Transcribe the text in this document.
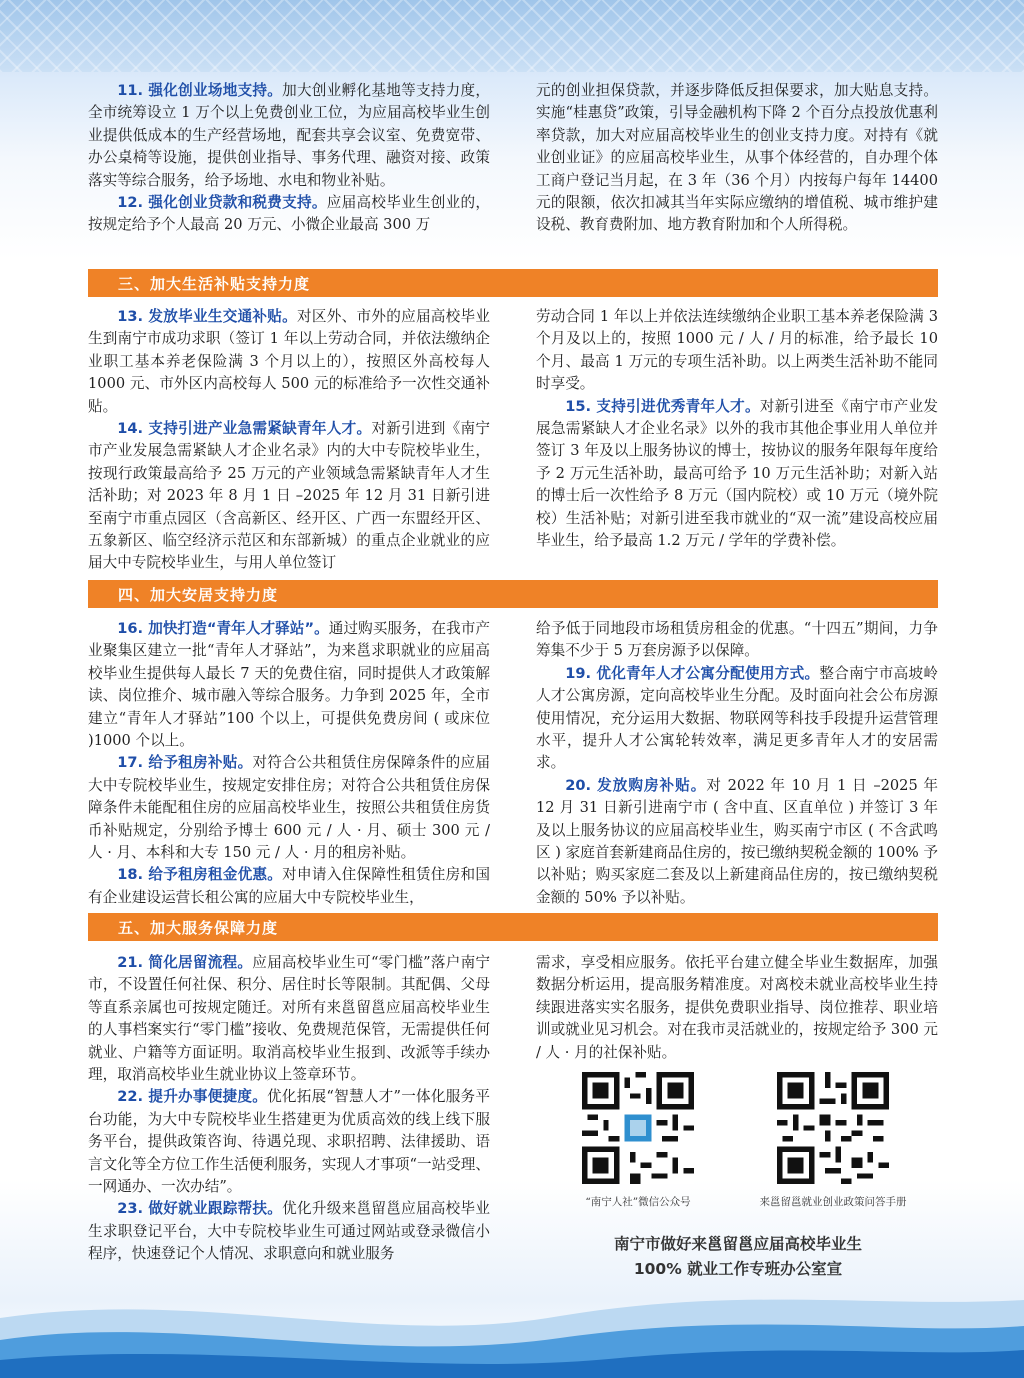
11. 强化创业场地支持。加大创业孵化基地等支持力度，全市统筹设立 1 万个以上免费创业工位，为应届高校毕业生创业提供低成本的生产经营场地，配套共享会议室、免费宽带、办公桌椅等设施，提供创业指导、事务代理、融资对接、政策落实等综合服务，给予场地、水电和物业补贴。

12. 强化创业贷款和税费支持。应届高校毕业生创业的，按规定给予个人最高 20 万元、小微企业最高 300 万

元的创业担保贷款，并逐步降低反担保要求，加大贴息支持。实施“桂惠贷”政策，引导金融机构下降 2 个百分点投放优惠利率贷款，加大对应届高校毕业生的创业支持力度。对持有《就业创业证》的应届高校毕业生，从事个体经营的，自办理个体工商户登记当月起，在 3 年（36 个月）内按每户每年 14400 元的限额，依次扣减其当年实际应缴纳的增值税、城市维护建设税、教育费附加、地方教育附加和个人所得税。

三、加大生活补贴支持力度

13. 发放毕业生交通补贴。对区外、市外的应届高校毕业生到南宁市成功求职（签订 1 年以上劳动合同，并依法缴纳企业职工基本养老保险满 3 个月以上的），按照区外高校每人 1000 元、市外区内高校每人 500 元的标准给予一次性交通补贴。

14. 支持引进产业急需紧缺青年人才。对新引进到《南宁市产业发展急需紧缺人才企业名录》内的大中专院校毕业生，按现行政策最高给予 25 万元的产业领域急需紧缺青年人才生活补助；对 2023 年 8 月 1 日 –2025 年 12 月 31 日新引进至南宁市重点园区（含高新区、经开区、广西一东盟经开区、五象新区、临空经济示范区和东部新城）的重点企业就业的应届大中专院校毕业生，与用人单位签订

劳动合同 1 年以上并依法连续缴纳企业职工基本养老保险满 3 个月及以上的，按照 1000 元 / 人 / 月的标准，给予最长 10 个月、最高 1 万元的专项生活补助。以上两类生活补助不能同时享受。

15. 支持引进优秀青年人才。对新引进至《南宁市产业发展急需紧缺人才企业名录》以外的我市其他企事业用人单位并签订 3 年及以上服务协议的博士，按协议的服务年限每年度给予 2 万元生活补助，最高可给予 10 万元生活补助；对新入站的博士后一次性给予 8 万元（国内院校）或 10 万元（境外院校）生活补贴；对新引进至我市就业的“双一流”建设高校应届毕业生，给予最高 1.2 万元 / 学年的学费补偿。

四、加大安居支持力度

16. 加快打造“青年人才驿站”。通过购买服务，在我市产业聚集区建立一批“青年人才驿站”，为来邕求职就业的应届高校毕业生提供每人最长 7 天的免费住宿，同时提供人才政策解读、岗位推介、城市融入等综合服务。力争到 2025 年，全市建立“青年人才驿站”100 个以上，可提供免费房间 ( 或床位 )1000 个以上。

17. 给予租房补贴。对符合公共租赁住房保障条件的应届大中专院校毕业生，按规定安排住房；对符合公共租赁住房保障条件未能配租住房的应届高校毕业生，按照公共租赁住房货币补贴规定，分别给予博士 600 元 / 人 · 月、硕士 300 元 / 人 · 月、本科和大专 150 元 / 人 · 月的租房补贴。

18. 给予租房租金优惠。对申请入住保障性租赁住房和国有企业建设运营长租公寓的应届大中专院校毕业生，

给予低于同地段市场租赁房租金的优惠。“十四五”期间，力争筹集不少于 5 万套房源予以保障。

19. 优化青年人才公寓分配使用方式。整合南宁市高坡岭人才公寓房源，定向高校毕业生分配。及时面向社会公布房源使用情况，充分运用大数据、物联网等科技手段提升运营管理水平，提升人才公寓轮转效率，满足更多青年人才的安居需求。

20. 发放购房补贴。对 2022 年 10 月 1 日 –2025 年 12 月 31 日新引进南宁市 ( 含中直、区直单位 ) 并签订 3 年及以上服务协议的应届高校毕业生，购买南宁市区 ( 不含武鸣区 ) 家庭首套新建商品住房的，按已缴纳契税金额的 100% 予以补贴；购买家庭二套及以上新建商品住房的，按已缴纳契税金额的 50% 予以补贴。

五、加大服务保障力度

21. 简化居留流程。应届高校毕业生可“零门槛”落户南宁市，不设置任何社保、积分、居住时长等限制。其配偶、父母等直系亲属也可按规定随迁。对所有来邕留邕应届高校毕业生的人事档案实行“零门槛”接收、免费规范保管，无需提供任何就业、户籍等方面证明。取消高校毕业生报到、改派等手续办理，取消高校毕业生就业协议上签章环节。

22. 提升办事便捷度。优化拓展“智慧人才”一体化服务平台功能，为大中专院校毕业生搭建更为优质高效的线上线下服务平台，提供政策咨询、待遇兑现、求职招聘、法律援助、语言文化等全方位工作生活便利服务，实现人才事项“一站受理、一网通办、一次办结”。

23. 做好就业跟踪帮扶。优化升级来邕留邕应届高校毕业生求职登记平台，大中专院校毕业生可通过网站或登录微信小程序，快速登记个人情况、求职意向和就业服务

需求，享受相应服务。依托平台建立健全毕业生数据库，加强数据分析运用，提高服务精准度。对离校未就业高校毕业生持续跟进落实实名服务，提供免费职业指导、岗位推荐、职业培训或就业见习机会。对在我市灵活就业的，按规定给予 300 元 / 人 · 月的社保补贴。

“南宁人社”微信公众号	来邕留邕就业创业政策问答手册
南宁市做好来邕留邕应届高校毕业生
100% 就业工作专班办公室宣
